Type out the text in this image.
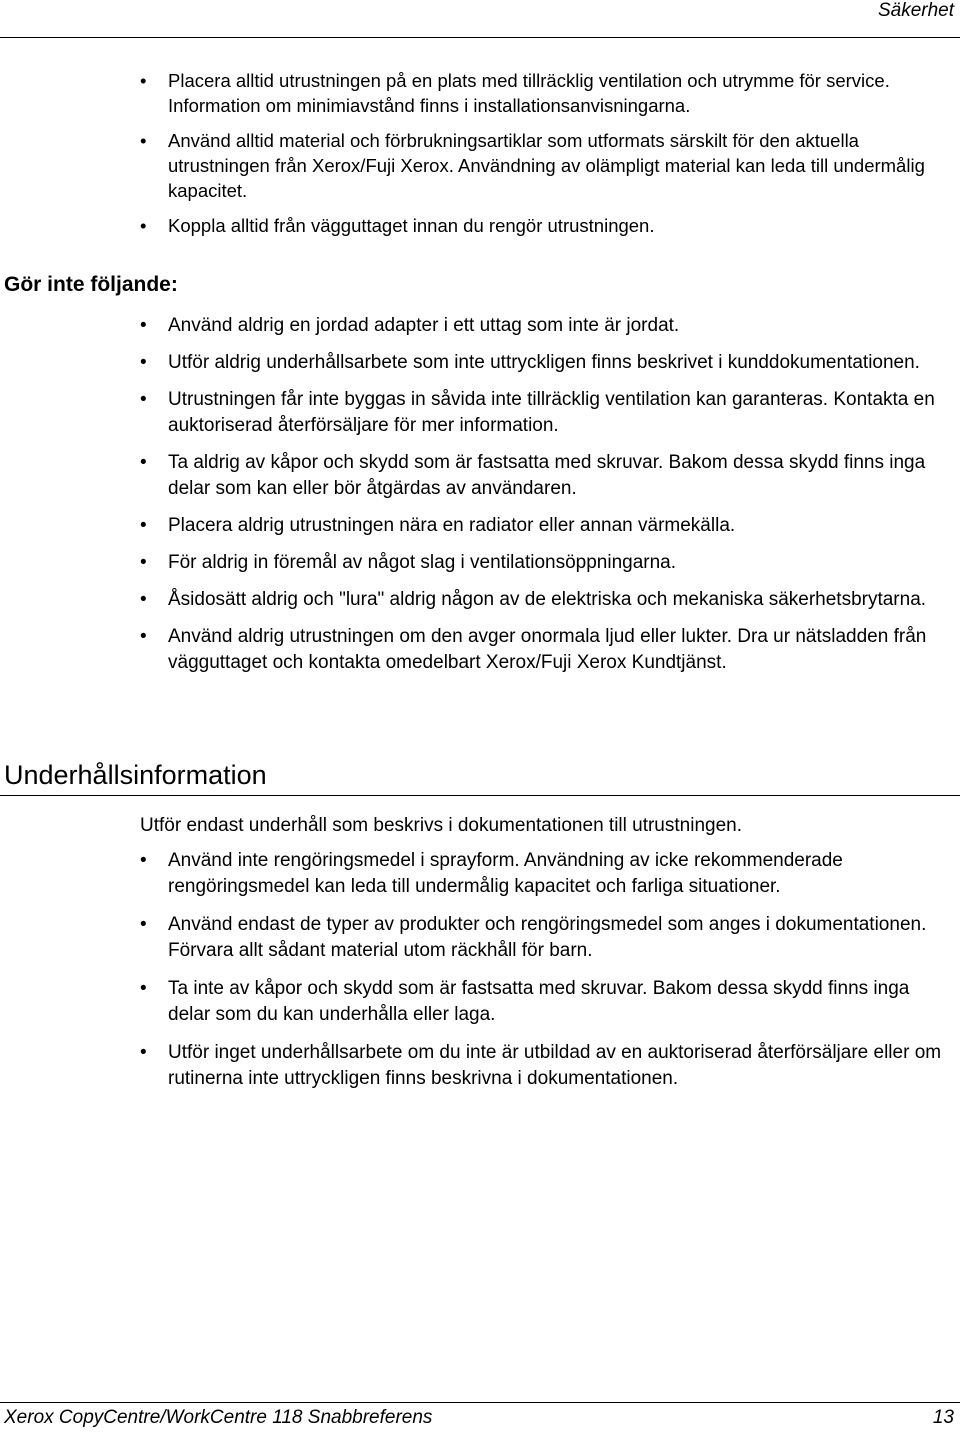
Säkerhet
• Placera alltid utrustningen på en plats med tillräcklig ventilation och utrymme för service. Information om minimiavstånd finns i installationsanvisningarna.
• Använd alltid material och förbrukningsartiklar som utformats särskilt för den aktuella utrustningen från Xerox/Fuji Xerox. Användning av olämpligt material kan leda till undermålig kapacitet.
• Koppla alltid från vägguttaget innan du rengör utrustningen.
Gör inte följande:
• Använd aldrig en jordad adapter i ett uttag som inte är jordat.
• Utför aldrig underhållsarbete som inte uttryckligen finns beskrivet i kunddokumentationen.
• Utrustningen får inte byggas in såvida inte tillräcklig ventilation kan garanteras. Kontakta en auktoriserad återförsäljare för mer information.
• Ta aldrig av kåpor och skydd som är fastsatta med skruvar. Bakom dessa skydd finns inga delar som kan eller bör åtgärdas av användaren.
• Placera aldrig utrustningen nära en radiator eller annan värmekälla.
• För aldrig in föremål av något slag i ventilationsöppningarna.
• Åsidosätt aldrig och "lura" aldrig någon av de elektriska och mekaniska säkerhetsbrytarna.
• Använd aldrig utrustningen om den avger onormala ljud eller lukter. Dra ur nätsladden från vägguttaget och kontakta omedelbart Xerox/Fuji Xerox Kundtjänst.
Underhållsinformation

Utför endast underhåll som beskrivs i dokumentationen till utrustningen.

• Använd inte rengöringsmedel i sprayform. Användning av icke rekommenderade rengöringsmedel kan leda till undermålig kapacitet och farliga situationer.
• Använd endast de typer av produkter och rengöringsmedel som anges i dokumentationen. Förvara allt sådant material utom räckhåll för barn.
• Ta inte av kåpor och skydd som är fastsatta med skruvar. Bakom dessa skydd finns inga delar som du kan underhålla eller laga.
• Utför inget underhållsarbete om du inte är utbildad av en auktoriserad återförsäljare eller om rutinerna inte uttryckligen finns beskrivna i dokumentationen.
Xerox CopyCentre/WorkCentre 118 Snabbreferens	13
